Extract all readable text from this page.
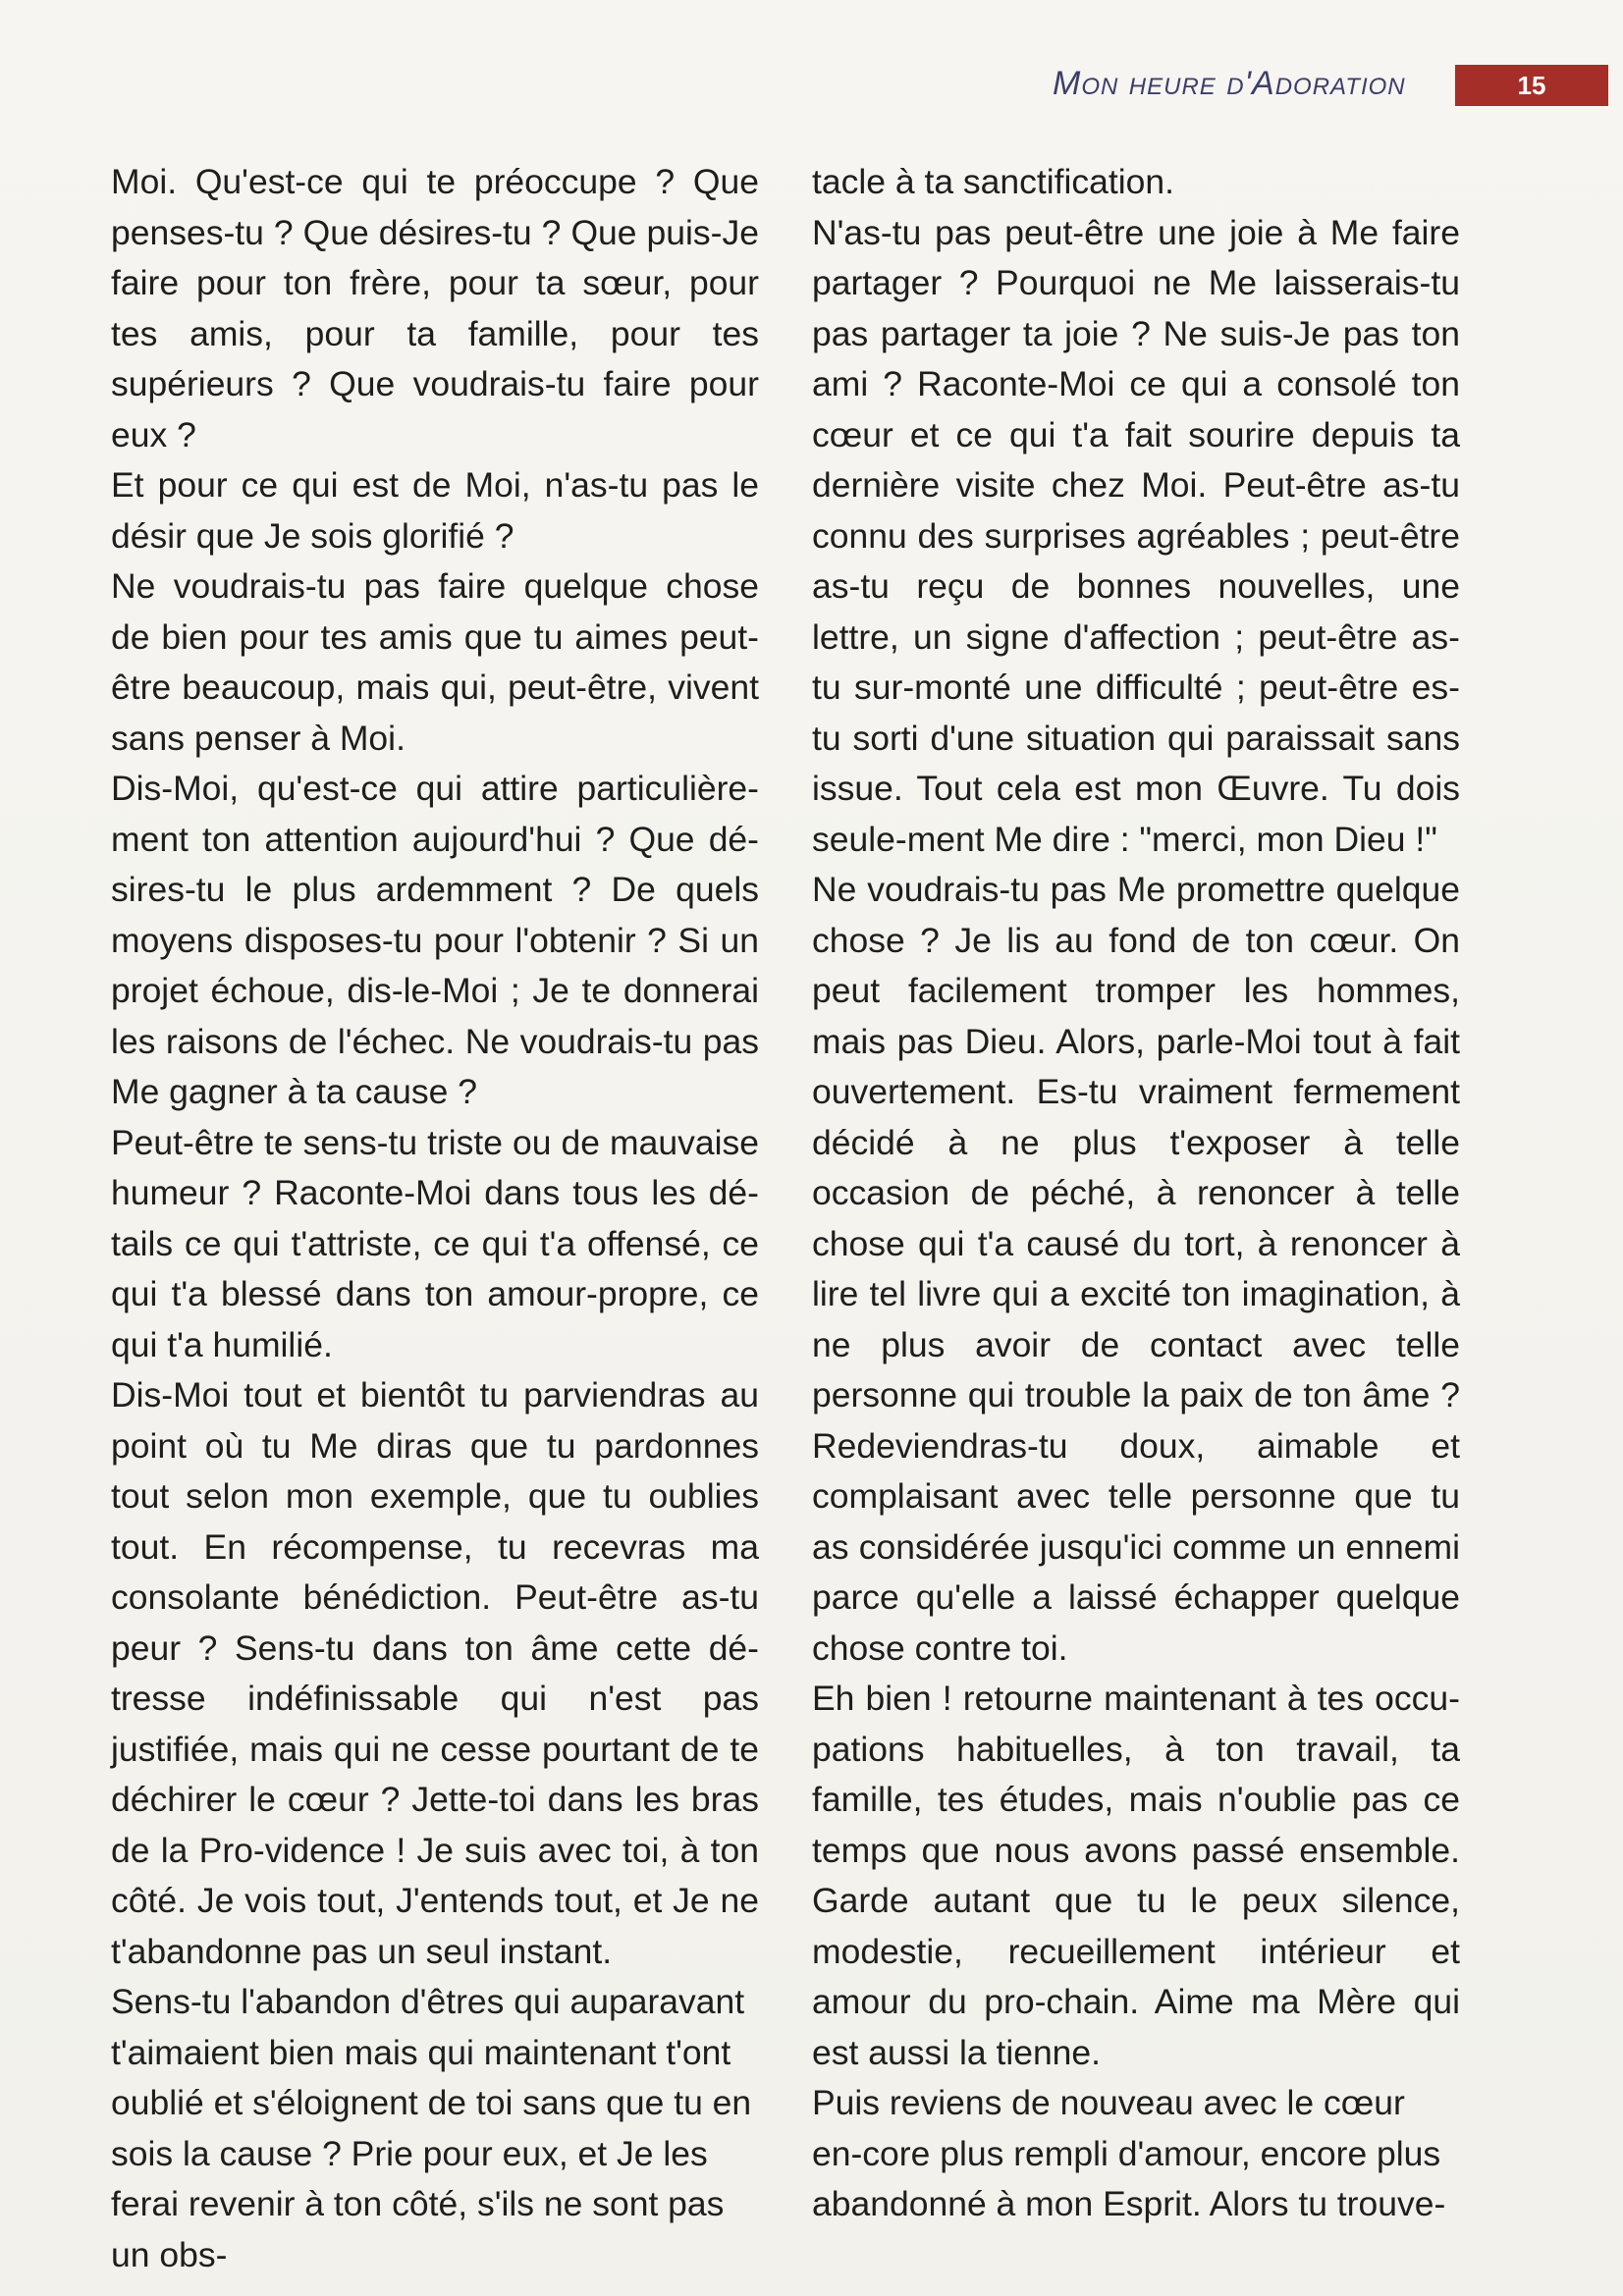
Mon heure d'Adoration	15

Moi. Qu'est-ce qui te préoccupe ? Que penses-tu ? Que désires-tu ? Que puis-Je faire pour ton frère, pour ta sœur, pour tes amis, pour ta famille, pour tes supérieurs ? Que voudrais-tu faire pour eux ?

Et pour ce qui est de Moi, n'as-tu pas le désir que Je sois glorifié ?

Ne voudrais-tu pas faire quelque chose de bien pour tes amis que tu aimes peut-être beaucoup, mais qui, peut-être, vivent sans penser à Moi.

Dis-Moi, qu'est-ce qui attire particulière-ment ton attention aujourd'hui ? Que dé-sires-tu le plus ardemment ? De quels moyens disposes-tu pour l'obtenir ? Si un projet échoue, dis-le-Moi ; Je te donnerai les raisons de l'échec. Ne voudrais-tu pas Me gagner à ta cause ?

Peut-être te sens-tu triste ou de mauvaise humeur ? Raconte-Moi dans tous les dé-tails ce qui t'attriste, ce qui t'a offensé, ce qui t'a blessé dans ton amour-propre, ce qui t'a humilié.

Dis-Moi tout et bientôt tu parviendras au point où tu Me diras que tu pardonnes tout selon mon exemple, que tu oublies tout. En récompense, tu recevras ma consolante bénédiction. Peut-être as-tu peur ? Sens-tu dans ton âme cette dé-tresse indéfinissable qui n'est pas justifiée, mais qui ne cesse pourtant de te déchirer le cœur ? Jette-toi dans les bras de la Pro-vidence ! Je suis avec toi, à ton côté. Je vois tout, J'entends tout, et Je ne t'abandonne pas un seul instant.

Sens-tu l'abandon d'êtres qui auparavant t'aimaient bien mais qui maintenant t'ont oublié et s'éloignent de toi sans que tu en sois la cause ? Prie pour eux, et Je les ferai revenir à ton côté, s'ils ne sont pas un obs-

tacle à ta sanctification.

N'as-tu pas peut-être une joie à Me faire partager ? Pourquoi ne Me laisserais-tu pas partager ta joie ? Ne suis-Je pas ton ami ? Raconte-Moi ce qui a consolé ton cœur et ce qui t'a fait sourire depuis ta dernière visite chez Moi. Peut-être as-tu connu des surprises agréables ; peut-être as-tu reçu de bonnes nouvelles, une lettre, un signe d'affection ; peut-être as-tu sur-monté une difficulté ; peut-être es-tu sorti d'une situation qui paraissait sans issue. Tout cela est mon Œuvre. Tu dois seule-ment Me dire : "merci, mon Dieu !"

Ne voudrais-tu pas Me promettre quelque chose ? Je lis au fond de ton cœur. On peut facilement tromper les hommes, mais pas Dieu. Alors, parle-Moi tout à fait ouvertement. Es-tu vraiment fermement décidé à ne plus t'exposer à telle occasion de péché, à renoncer à telle chose qui t'a causé du tort, à renoncer à lire tel livre qui a excité ton imagination, à ne plus avoir de contact avec telle personne qui trouble la paix de ton âme ? Redeviendras-tu doux, aimable et complaisant avec telle personne que tu as considérée jusqu'ici comme un ennemi parce qu'elle a laissé échapper quelque chose contre toi.

Eh bien ! retourne maintenant à tes occu-pations habituelles, à ton travail, ta famille, tes études, mais n'oublie pas ce temps que nous avons passé ensemble. Garde autant que tu le peux silence, modestie, recueillement intérieur et amour du pro-chain. Aime ma Mère qui est aussi la tienne.

Puis reviens de nouveau avec le cœur en-core plus rempli d'amour, encore plus abandonné à mon Esprit. Alors tu trouve-
